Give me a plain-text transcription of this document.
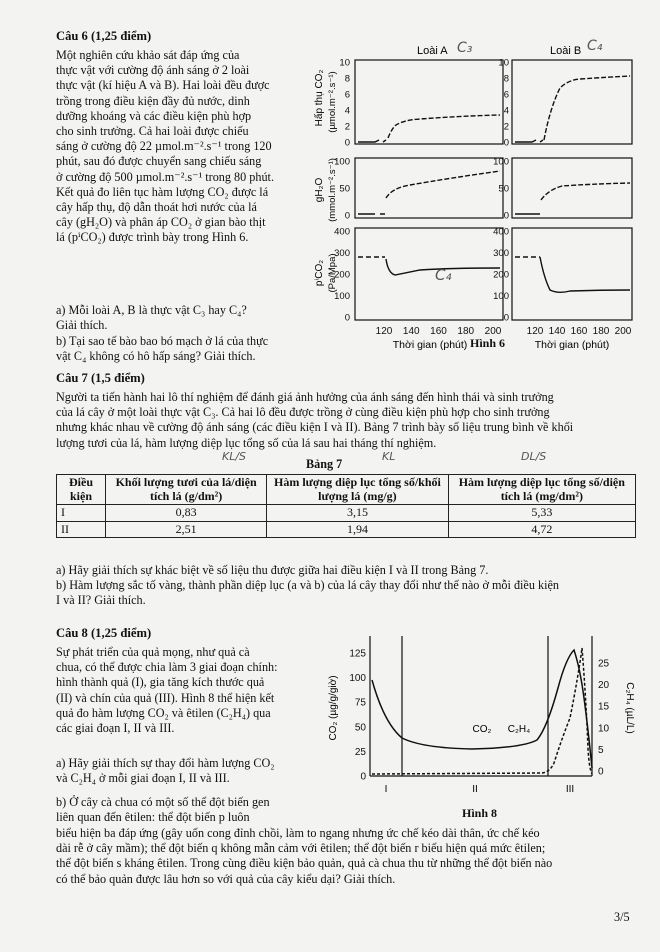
Câu 6 (1,25 điểm)
Một nghiên cứu khảo sát đáp ứng của
thực vật với cường độ ánh sáng ở 2 loài
thực vật (kí hiệu A và B). Hai loài đều được
trồng trong điều kiện đầy đủ nước, dinh
dưỡng khoáng và các điều kiện phù hợp
cho sinh trưởng. Cả hai loài được chiếu
sáng ở cường độ 22 µmol.m⁻².s⁻¹ trong 120
phút, sau đó được chuyển sang chiếu sáng
ở cường độ 500 µmol.m⁻².s⁻¹ trong 80 phút.
Kết quả đo liên tục hàm lượng CO₂ được lá
cây hấp thụ, độ dẫn thoát hơi nước của lá
cây (gH₂O) và phân áp CO₂ ở gian bào thịt
lá (pⁱCO₂) được trình bày trong Hình 6.
a) Mỗi loài A, B là thực vật C₃ hay C₄?
Giải thích.
b) Tại sao tế bào bao bó mạch ở lá của thực
vật C₄ không có hô hấp sáng? Giải thích.
10
8
6
4
2
0
100
50
0
400
300
200
100
0
10
8
6
4
2
0
100
50
0
400
300
200
100
0
Loài A	Loài B
C₃	C₄
C₄
Hấp thụ CO₂ (µmol.m⁻².s⁻¹)
gH₂O (mmol.m⁻².s⁻¹)
pⁱCO₂ (Pa/Mpa)
120 140 160 180 200	120 140 160 180 200
Thời gian (phút)	Thời gian (phút)
Hình 6
Câu 7 (1,5 điểm)
Người ta tiến hành hai lô thí nghiệm để đánh giá ảnh hưởng của ánh sáng đến hình thái và sinh trưởng
của lá cây ở một loài thực vật C₃. Cả hai lô đều được trồng ở cùng điều kiện phù hợp cho sinh trưởng
nhưng khác nhau về cường độ ánh sáng (các điều kiện I và II). Bảng 7 trình bày số liệu trung bình về khối
lượng tươi của lá, hàm lượng diệp lục tổng số của lá sau hai tháng thí nghiệm.
Bảng 7
KL/S	KL	DL/S
Điều kiện	Khối lượng tươi của lá/diện tích lá (g/dm²)	Hàm lượng diệp lục tổng số/khối lượng lá (mg/g)	Hàm lượng diệp lục tổng số/diện tích lá (mg/dm²)
I	0,83	3,15	5,33
II	2,51	1,94	4,72
a) Hãy giải thích sự khác biệt về số liệu thu được giữa hai điều kiện I và II trong Bảng 7.
b) Hàm lượng sắc tố vàng, thành phần diệp lục (a và b) của lá cây thay đổi như thế nào ở mỗi điều kiện
I và II? Giải thích.
Câu 8 (1,25 điểm)
Sự phát triển của quả mọng, như quả cà
chua, có thể được chia làm 3 giai đoạn chính:
hình thành quả (I), gia tăng kích thước quả
(II) và chín của quả (III). Hình 8 thể hiện kết
quả đo hàm lượng CO₂ và êtilen (C₂H₄) qua
các giai đoạn I, II và III.
a) Hãy giải thích sự thay đổi hàm lượng CO₂
và C₂H₄ ở mỗi giai đoạn I, II và III.
b) Ở cây cà chua có một số thể đột biến gen
liên quan đến êtilen: thể đột biến p luôn
biểu hiện ba đáp ứng (gây uốn cong đỉnh chồi, làm to ngang nhưng ức chế kéo dài thân, ức chế kéo
dài rễ ở cây mầm); thể đột biến q không mẫn cảm với êtilen; thể đột biến r biểu hiện quá mức êtilen;
thể đột biến s kháng êtilen. Trong cùng điều kiện bảo quản, quả cà chua thu từ những thể đột biến nào
có thể bảo quản được lâu hơn so với quả của cây kiểu dại? Giải thích.
125
100
75
50
25
0
25
20
15
10
5
0
CO₂ (µg/g/giờ)	C₂H₄ (µL/L)
CO₂ C₂H₄
I	II	III
Hình 8
3/5
